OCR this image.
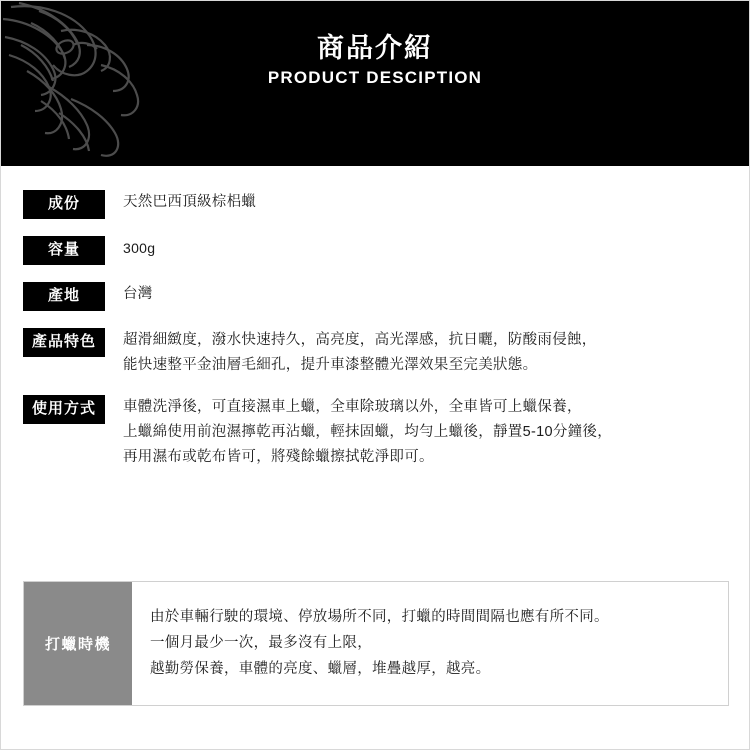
商品介紹
PRODUCT DESCIPTION
成份	天然巴西頂級棕梠蠟
容量	300g
產地	台灣
產品特色	超滑細緻度，潑水快速持久，高亮度，高光澤感，抗日曬，防酸雨侵蝕，
能快速整平金油層毛細孔，提升車漆整體光澤效果至完美狀態。
使用方式	車體洗淨後，可直接濕車上蠟，全車除玻璃以外，全車皆可上蠟保養，
上蠟綿使用前泡濕擰乾再沾蠟，輕抹固蠟，均勻上蠟後，靜置5-10分鐘後，
再用濕布或乾布皆可，將殘餘蠟擦拭乾淨即可。
打蠟時機
由於車輛行駛的環境、停放場所不同，打蠟的時間間隔也應有所不同。
一個月最少一次，最多沒有上限，
越勤勞保養，車體的亮度、蠟層，堆疊越厚，越亮。
